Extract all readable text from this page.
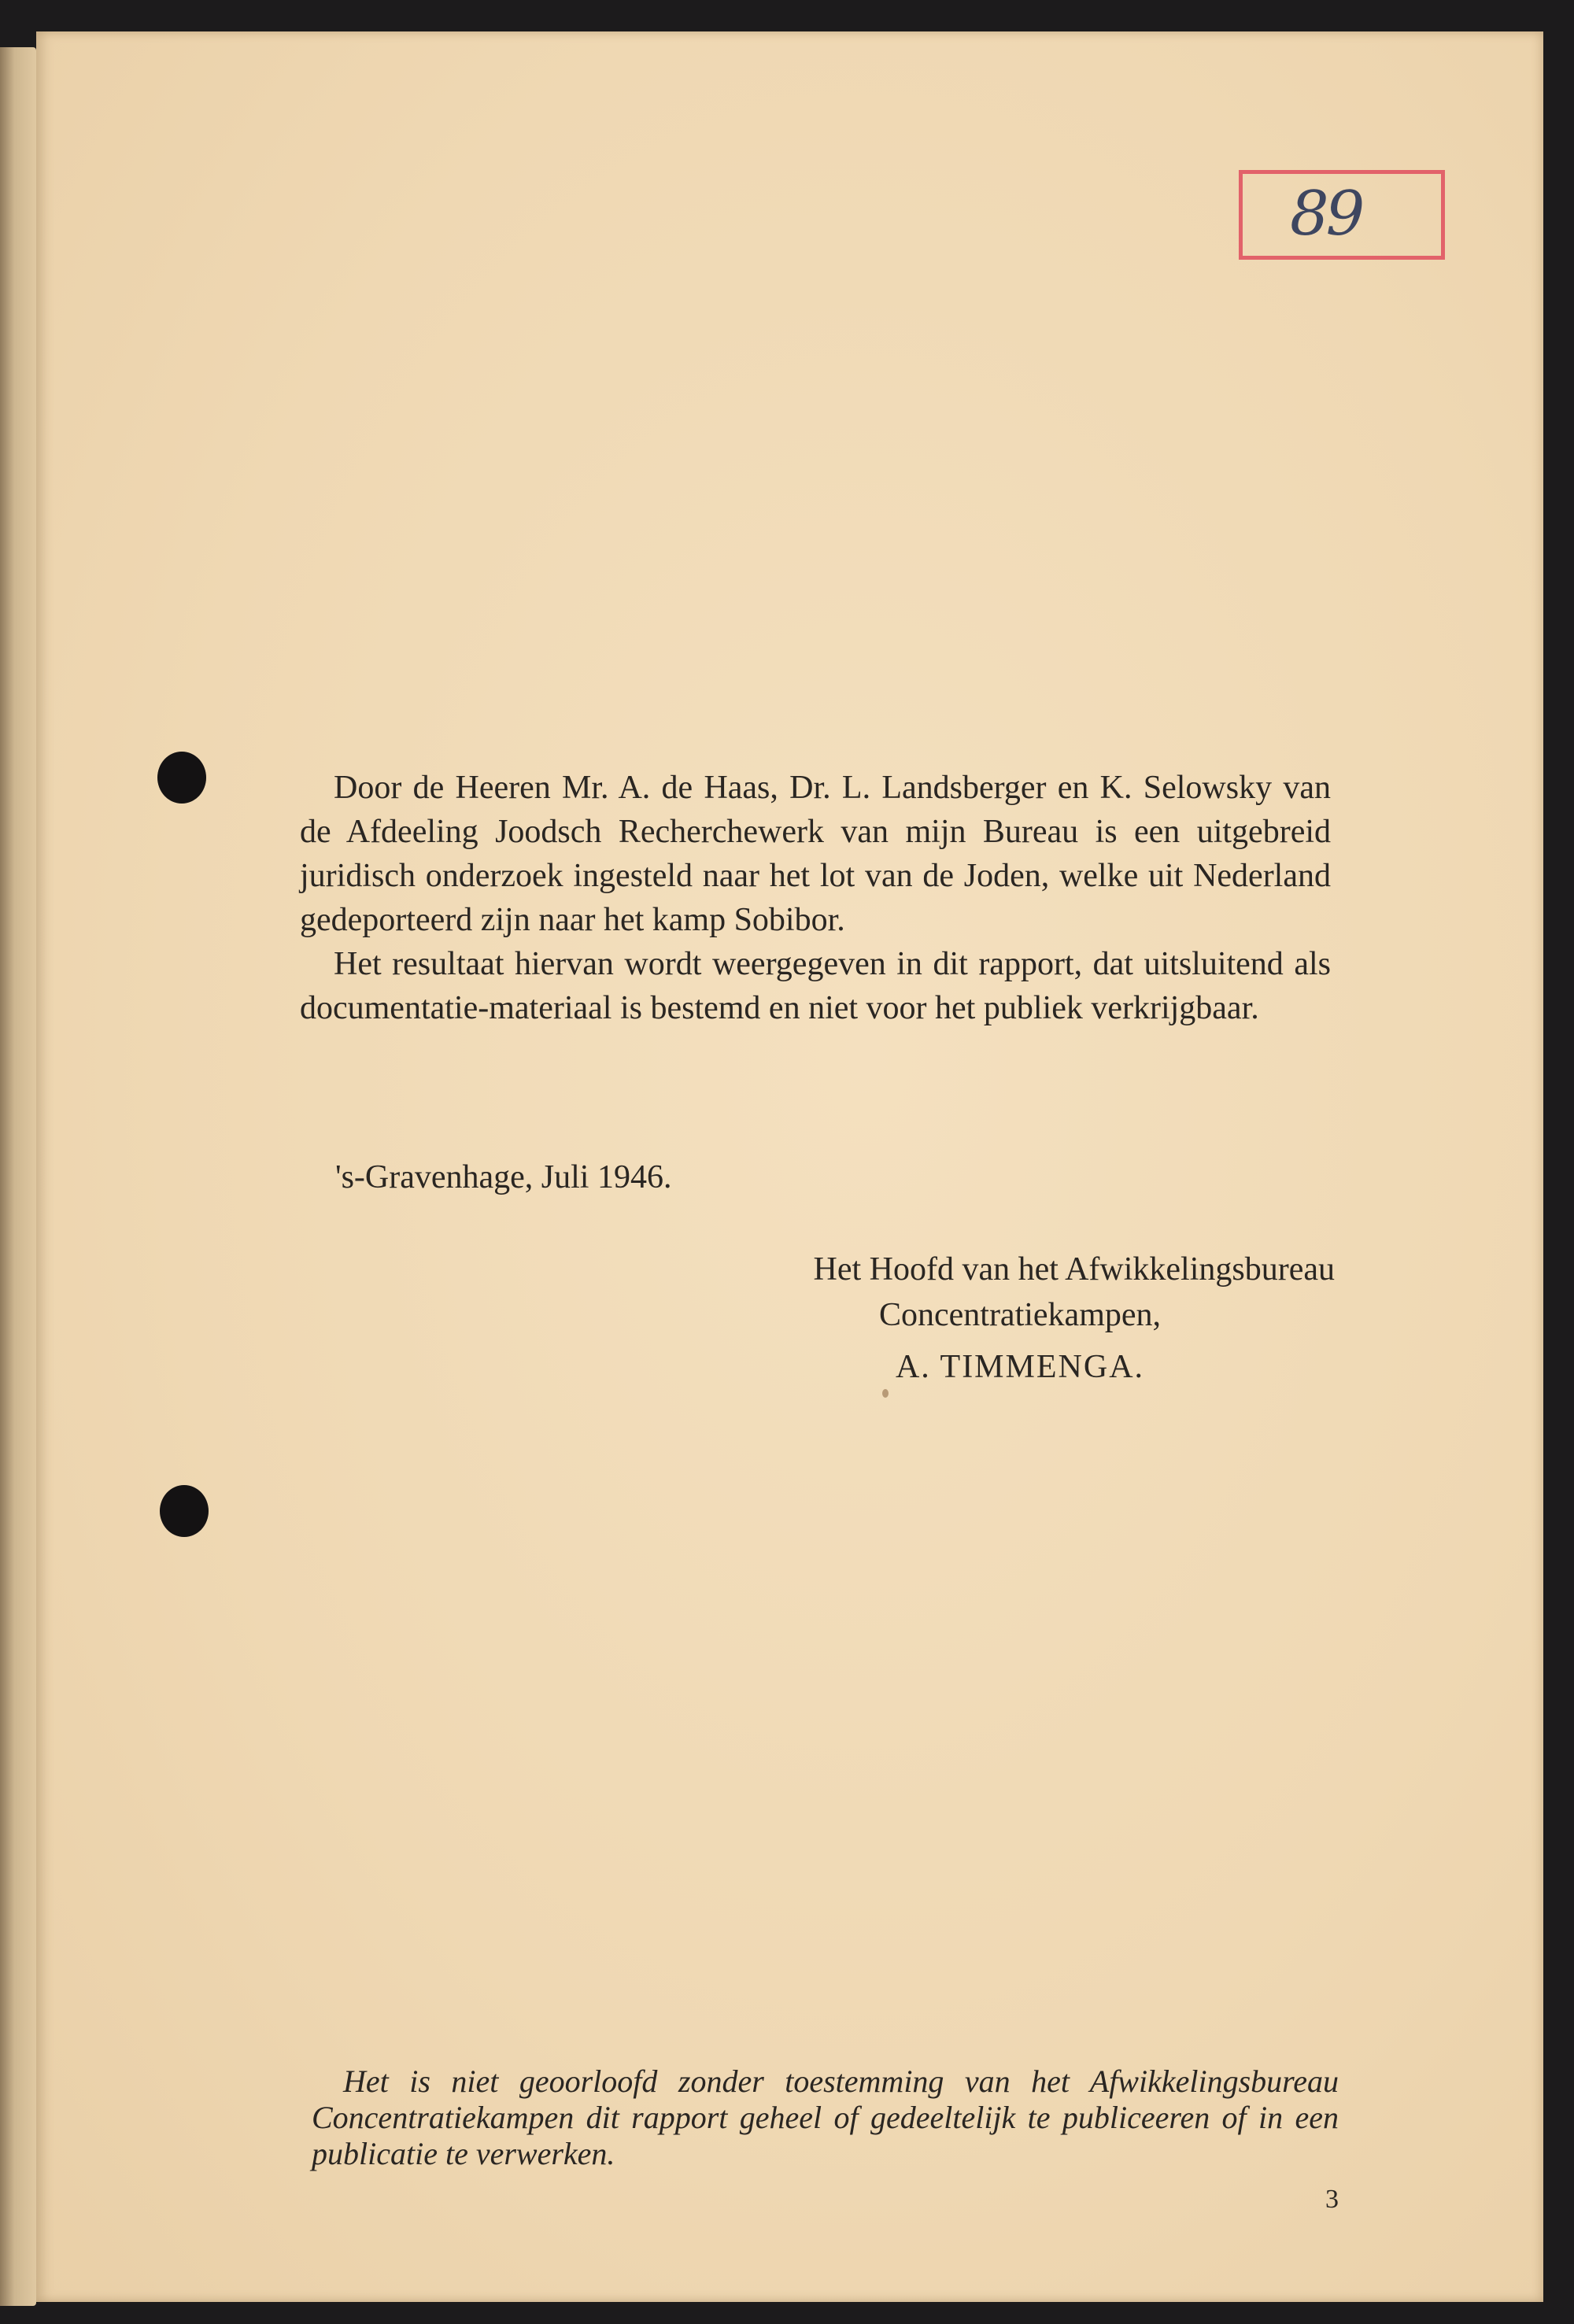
89

Door de Heeren Mr. A. de Haas, Dr. L. Landsberger en K. Selowsky van de Afdeeling Joodsch Recherchewerk van mijn Bureau is een uitgebreid juridisch onderzoek ingesteld naar het lot van de Joden, welke uit Nederland gedeporteerd zijn naar het kamp Sobibor.

Het resultaat hiervan wordt weergegeven in dit rapport, dat uitsluitend als documentatie-materiaal is bestemd en niet voor het publiek verkrijgbaar.

's-Gravenhage, Juli 1946.
Het Hoofd van het Afwikkelingsbureau
Concentratiekampen,
A. TIMMENGA.
Het is niet geoorloofd zonder toestemming van het Afwikkelingsbureau Concentratiekampen dit rapport geheel of gedeeltelijk te publiceeren of in een publicatie te verwerken.
3
